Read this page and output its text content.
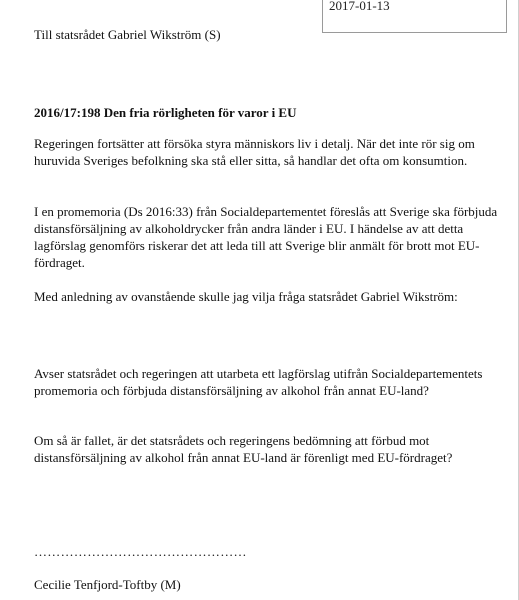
2017-01-13

Till statsrådet Gabriel Wikström (S)

2016/17:198 Den fria rörligheten för varor i EU

Regeringen fortsätter att försöka styra människors liv i detalj. När det inte rör sig om huruvida Sveriges befolkning ska stå eller sitta, så handlar det ofta om konsumtion.

I en promemoria (Ds 2016:33) från Socialdepartementet föreslås att Sverige ska förbjuda distansförsäljning av alkoholdrycker från andra länder i EU. I händelse av att detta lagförslag genomförs riskerar det att leda till att Sverige blir anmält för brott mot EU-fördraget.

Med anledning av ovanstående skulle jag vilja fråga statsrådet Gabriel Wikström:

Avser statsrådet och regeringen att utarbeta ett lagförslag utifrån Socialdepartementets promemoria och förbjuda distansförsäljning av alkohol från annat EU-land?

Om så är fallet, är det statsrådets och regeringens bedömning att förbud mot distansförsäljning av alkohol från annat EU-land är förenligt med EU-fördraget?

…………………………………………

Cecilie Tenfjord-Toftby (M)
